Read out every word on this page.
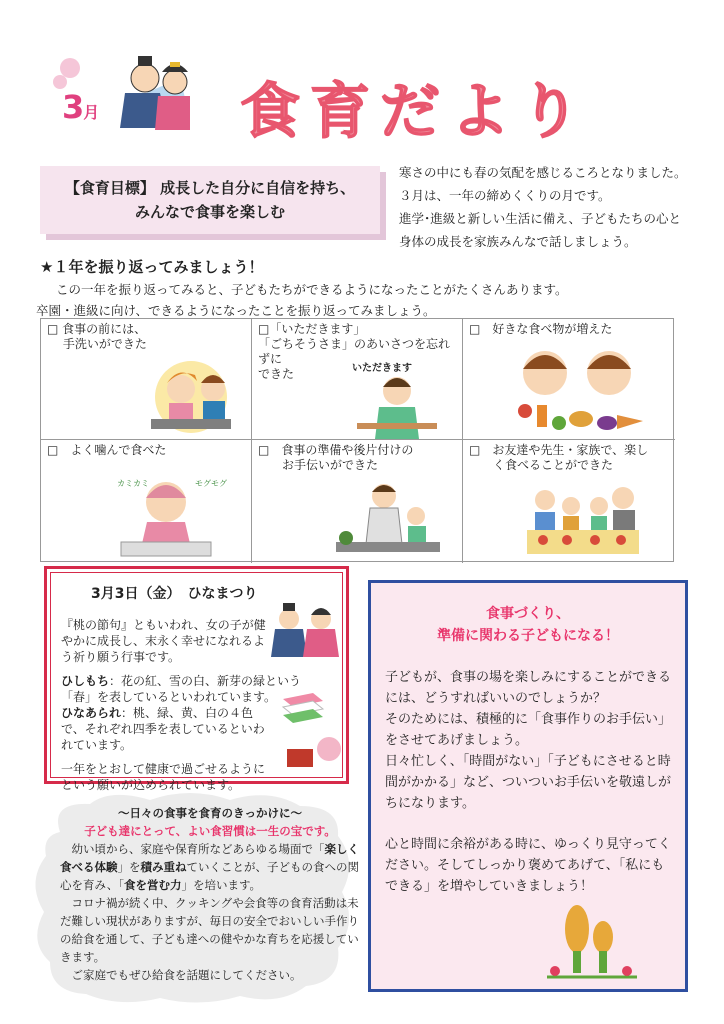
3月 食育だより

【食育目標】 成長した自分に自信を持ち、

みんなで食事を楽しむ

寒さの中にも春の気配を感じるころとなりました。
３月は、一年の締めくくりの月です。
進学･進級と新しい生活に備え、子どもたちの心と
身体の成長を家族みんなで話しましょう。
★１年を振り返ってみましょう！
この一年を振り返ってみると、子どもたちができるようになったことがたくさんあります。
卒園・進級に向け、できるようになったことを振り返ってみましょう。
□ 食事の前には、
　 手洗いができた
□「いただきます」
「ごちそうさま」のあいさつを忘れずに
できた	いただきます
□　好きな食べ物が増えた
□　よく噛んで食べた
カミカミ	モグモグ
□　食事の準備や後片付けの
　　お手伝いができた
□　お友達や先生・家族で、楽し
　　く食べることができた
3月3日（金）　ひなまつり

『桃の節句』ともいわれ、女の子が健やかに成長し、末永く幸せになれるよう祈り願う行事です。

ひしもち：花の紅、雪の白、新芽の緑という「春」を表しているといわれています。

ひなあられ：桃、緑、黄、白の４色で、それぞれ四季を表しているといわれています。

一年をとおして健康で過ごせるようにという願いが込められています。

食事づくり、
準備に関わる子どもになる！

子どもが、食事の場を楽しみにすることができるには、どうすればいいのでしょうか？

そのためには、積極的に「食事作りのお手伝い」をさせてあげましょう。

日々忙しく、「時間がない」「子どもにさせると時間がかかる」など、ついついお手伝いを敬遠しがちになります。

心と時間に余裕がある時に、ゆっくり見守ってください。そしてしっかり褒めてあげて、「私にもできる」を増やしていきましょう！

～日々の食事を食育のきっかけに～
子ども達にとって、よい食習慣は一生の宝です。
幼い頃から、家庭や保育所などあらゆる場面で「楽しく食べる体験」を積み重ねていくことが、子どもの食への関心を育み、「食を営む力」を培います。
コロナ禍が続く中、クッキングや会食等の食育活動は未だ難しい現状がありますが、毎日の安全でおいしい手作りの給食を通して、子ども達への健やかな育ちを応援していきます。
ご家庭でもぜひ給食を話題にしてください。
